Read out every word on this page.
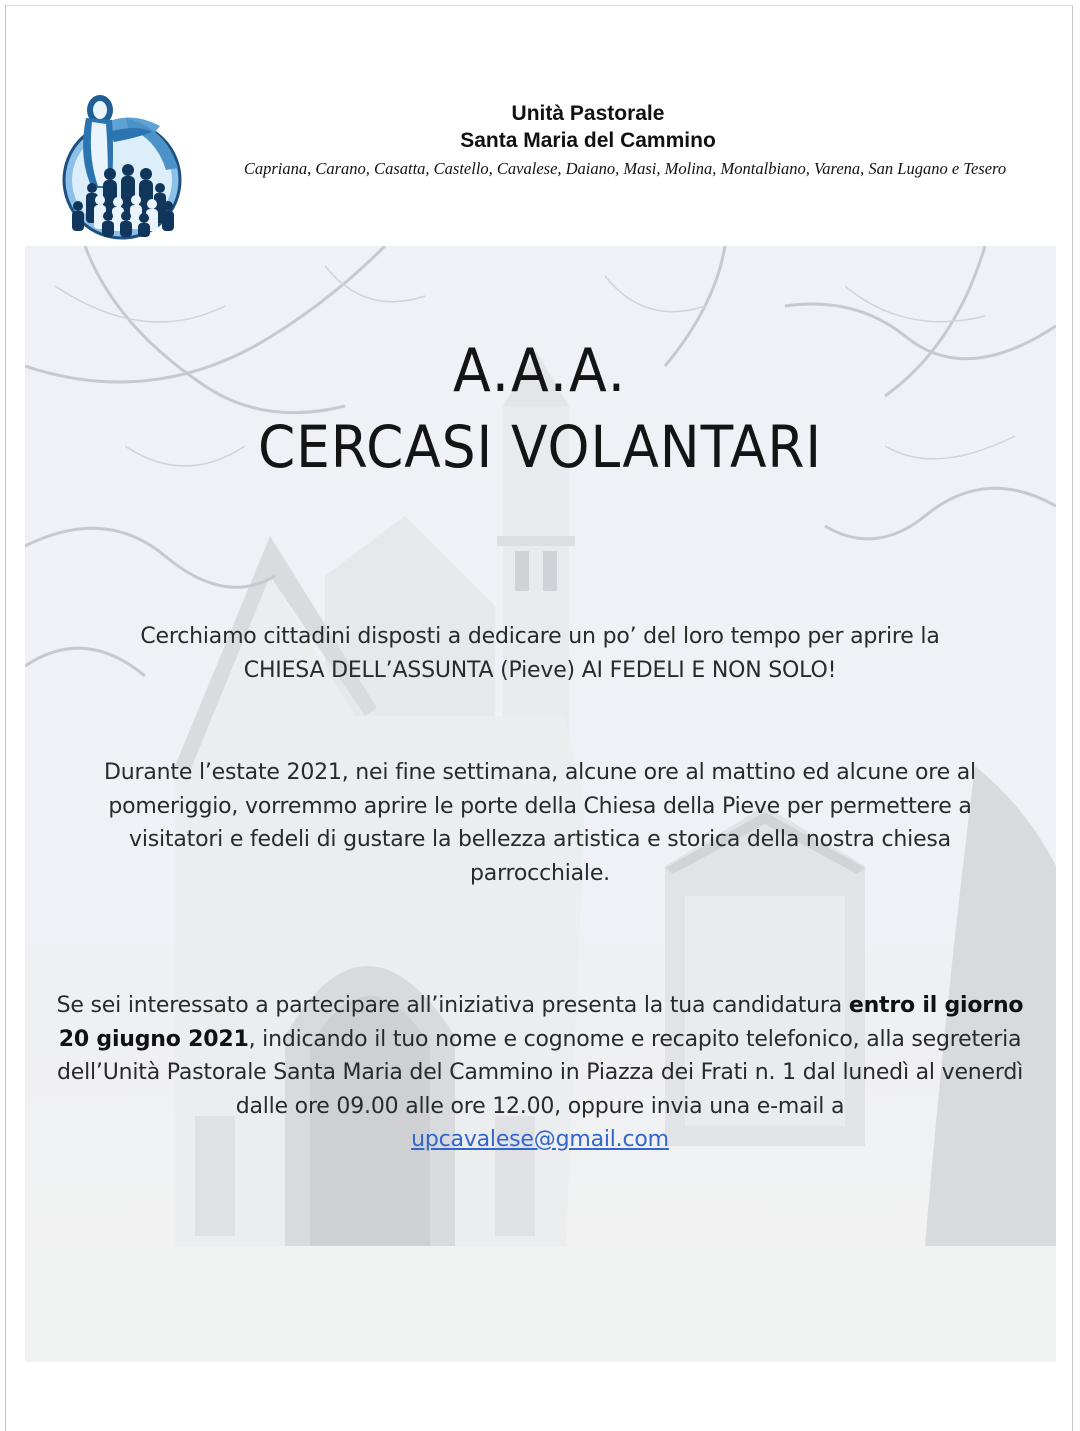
Unità Pastorale
Santa Maria del Cammino
Capriana, Carano, Casatta, Castello, Cavalese, Daiano, Masi, Molina, Montalbiano, Varena, San Lugano e Tesero
A.A.A.
CERCASI VOLANTARI
Cerchiamo cittadini disposti a dedicare un po’ del loro tempo per aprire la
CHIESA DELL’ASSUNTA (Pieve) AI FEDELI E NON SOLO!
Durante l’estate 2021, nei fine settimana, alcune ore al mattino ed alcune ore al pomeriggio, vorremmo aprire le porte della Chiesa della Pieve per permettere a visitatori e fedeli di gustare la bellezza artistica e storica della nostra chiesa parrocchiale.
Se sei interessato a partecipare all’iniziativa presenta la tua candidatura entro il giorno 20 giugno 2021, indicando il tuo nome e cognome e recapito telefonico, alla segreteria dell’Unità Pastorale Santa Maria del Cammino in Piazza dei Frati n. 1 dal lunedì al venerdì dalle ore 09.00 alle ore 12.00, oppure invia una e-mail a
upcavalese@gmail.com
